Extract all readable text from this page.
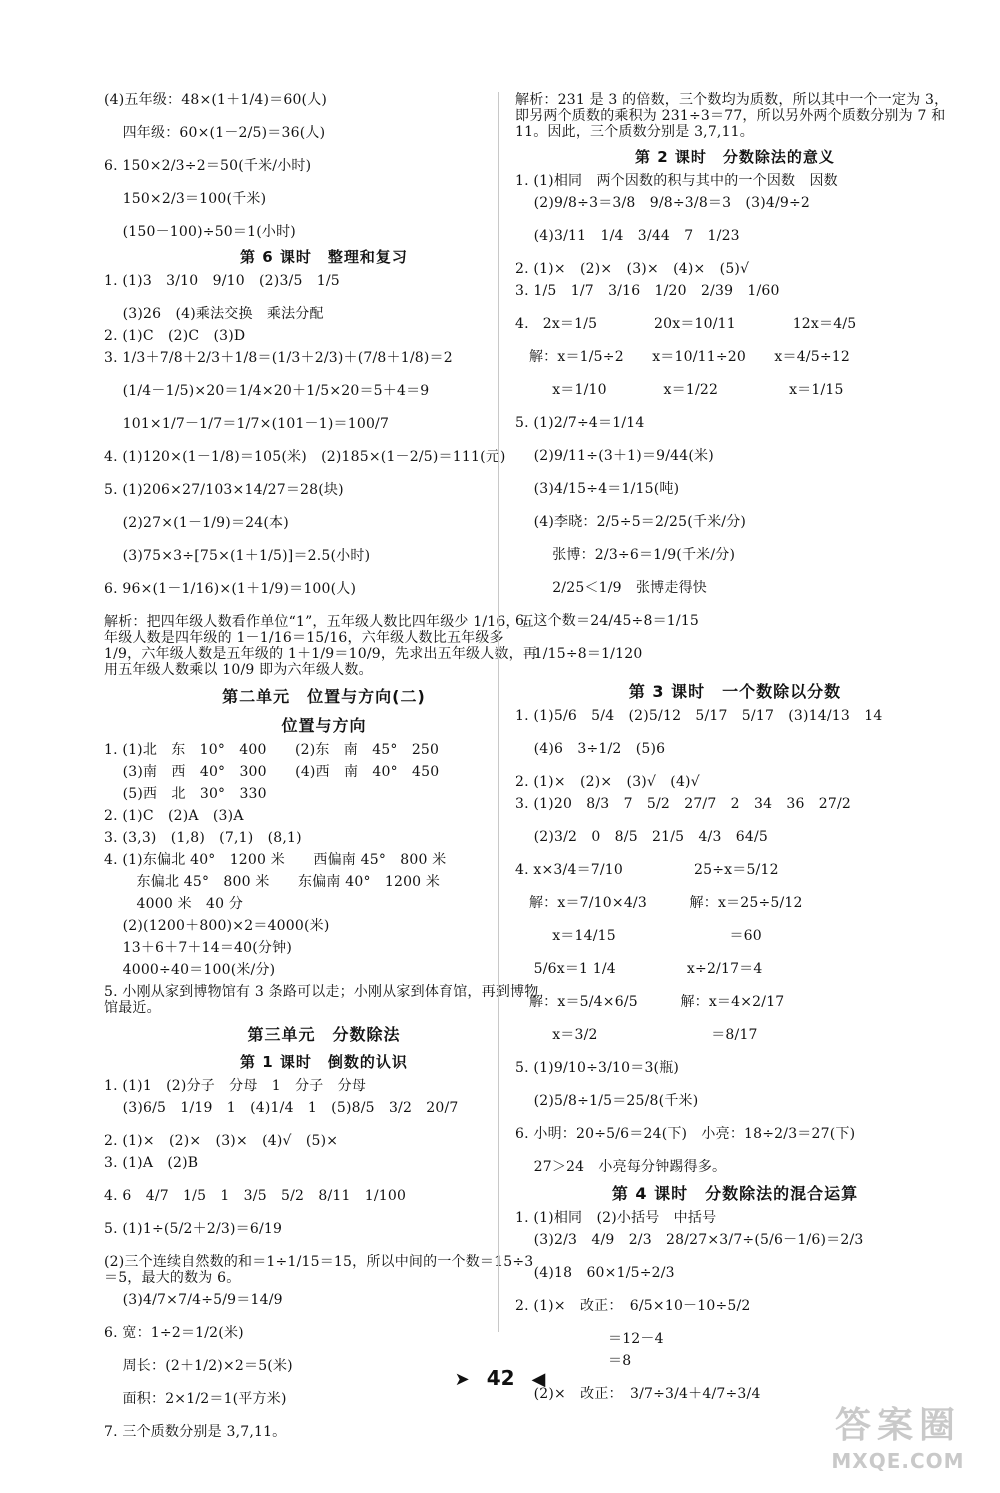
(4)五年级：48×(1＋1/4)＝60(人)
四年级：60×(1－2/5)＝36(人)
6. 150×2/3÷2＝50(千米/小时)
150×2/3＝100(千米)
(150－100)÷50＝1(小时)
第 6 课时　整理和复习
1. (1)3　3/10　9/10　(2)3/5　1/5
(3)26　(4)乘法交换　乘法分配
2. (1)C　(2)C　(3)D
3. 1/3＋7/8＋2/3＋1/8＝(1/3＋2/3)＋(7/8＋1/8)＝2
(1/4－1/5)×20＝1/4×20＋1/5×20＝5＋4＝9
101×1/7－1/7＝1/7×(101－1)＝100/7
4. (1)120×(1－1/8)＝105(米)　(2)185×(1－2/5)＝111(元)
5. (1)206×27/103×14/27＝28(块)
(2)27×(1－1/9)＝24(本)
(3)75×3÷[75×(1＋1/5)]＝2.5(小时)
6. 96×(1－1/16)×(1＋1/9)＝100(人)
解析：把四年级人数看作单位“1”，五年级人数比四年级少 1/16，五年级人数是四年级的 1－1/16＝15/16，六年级人数比五年级多 1/9，六年级人数是五年级的 1＋1/9＝10/9，先求出五年级人数，再用五年级人数乘以 10/9 即为六年级人数。
第二单元　位置与方向(二)
位置与方向
1. (1)北　东　10°　400　　(2)东　南　45°　250
(3)南　西　40°　300　　(4)西　南　40°　450
(5)西　北　30°　330
2. (1)C　(2)A　(3)A
3. (3,3)　(1,8)　(7,1)　(8,1)
4. (1)东偏北 40°　1200 米　　西偏南 45°　800 米
东偏北 45°　800 米　　东偏南 40°　1200 米
4000 米　40 分
(2)(1200＋800)×2＝4000(米)
13＋6＋7＋14＝40(分钟)
4000÷40＝100(米/分)
5. 小刚从家到博物馆有 3 条路可以走；小刚从家到体育馆，再到博物馆最近。
第三单元　分数除法
第 1 课时　倒数的认识
1. (1)1　(2)分子　分母　1　分子　分母
(3)6/5　1/19　1　(4)1/4　1　(5)8/5　3/2　20/7
2. (1)×　(2)×　(3)×　(4)√　(5)×
3. (1)A　(2)B
4. 6　4/7　1/5　1　3/5　5/2　8/11　1/100
5. (1)1÷(5/2＋2/3)＝6/19
(2)三个连续自然数的和＝1÷1/15＝15，所以中间的一个数＝15÷3＝5，最大的数为 6。
(3)4/7×7/4÷5/9＝14/9
6. 宽：1÷2＝1/2(米)
周长：(2＋1/2)×2＝5(米)
面积：2×1/2＝1(平方米)
7. 三个质数分别是 3,7,11。
解析：231 是 3 的倍数，三个数均为质数，所以其中一个一定为 3，即另两个质数的乘积为 231÷3＝77，所以另外两个质数分别为 7 和 11。因此，三个质数分别是 3,7,11。
第 2 课时　分数除法的意义
1. (1)相同　两个因数的积与其中的一个因数　因数
(2)9/8÷3＝3/8　9/8÷3/8＝3　(3)4/9÷2
(4)3/11　1/4　3/44　7　1/23
2. (1)×　(2)×　(3)×　(4)×　(5)√
3. 1/5　1/7　3/16　1/20　2/39　1/60
4.   2x＝1/5　　　　20x＝10/11　　　　12x＝4/5
解：x＝1/5÷2　　x＝10/11÷20　　x＝4/5÷12
x＝1/10　　　　x＝1/22　　　　　x＝1/15
5. (1)2/7÷4＝1/14
(2)9/11÷(3＋1)＝9/44(米)
(3)4/15÷4＝1/15(吨)
(4)李晓：2/5÷5＝2/25(千米/分)
张博：2/3÷6＝1/9(千米/分)
2/25＜1/9　张博走得快
6. 这个数＝24/45÷8＝1/15
1/15÷8＝1/120
第 3 课时　一个数除以分数
1. (1)5/6　5/4　(2)5/12　5/17　5/17　(3)14/13　14
(4)6　3÷1/2　(5)6
2. (1)×　(2)×　(3)√　(4)√
3. (1)20　8/3　7　5/2　27/7　2　34　36　27/2
(2)3/2　0　8/5　21/5　4/3　64/5
4. x×3/4＝7/10　　　　　25÷x＝5/12
解：x＝7/10×4/3　　　解：x＝25÷5/12
x＝14/15　　　　　　　　＝60
5/6x＝1 1/4　　　　　x÷2/17＝4
解：x＝5/4×6/5　　　解：x＝4×2/17
x＝3/2　　　　　　　　＝8/17
5. (1)9/10÷3/10＝3(瓶)
(2)5/8÷1/5＝25/8(千米)
6. 小明：20÷5/6＝24(下)　小亮：18÷2/3＝27(下)
27＞24　小亮每分钟踢得多。
第 4 课时　分数除法的混合运算
1. (1)相同　(2)小括号　中括号
(3)2/3　4/9　2/3　28/27×3/7÷(5/6－1/6)＝2/3
(4)18　60×1/5÷2/3
2. (1)×　改正：　6/5×10－10÷5/2
＝12－4
＝8
(2)×　改正：　3/7÷3/4＋4/7÷3/4
➤ 42 ◀
答案圈
MXQE.COM
